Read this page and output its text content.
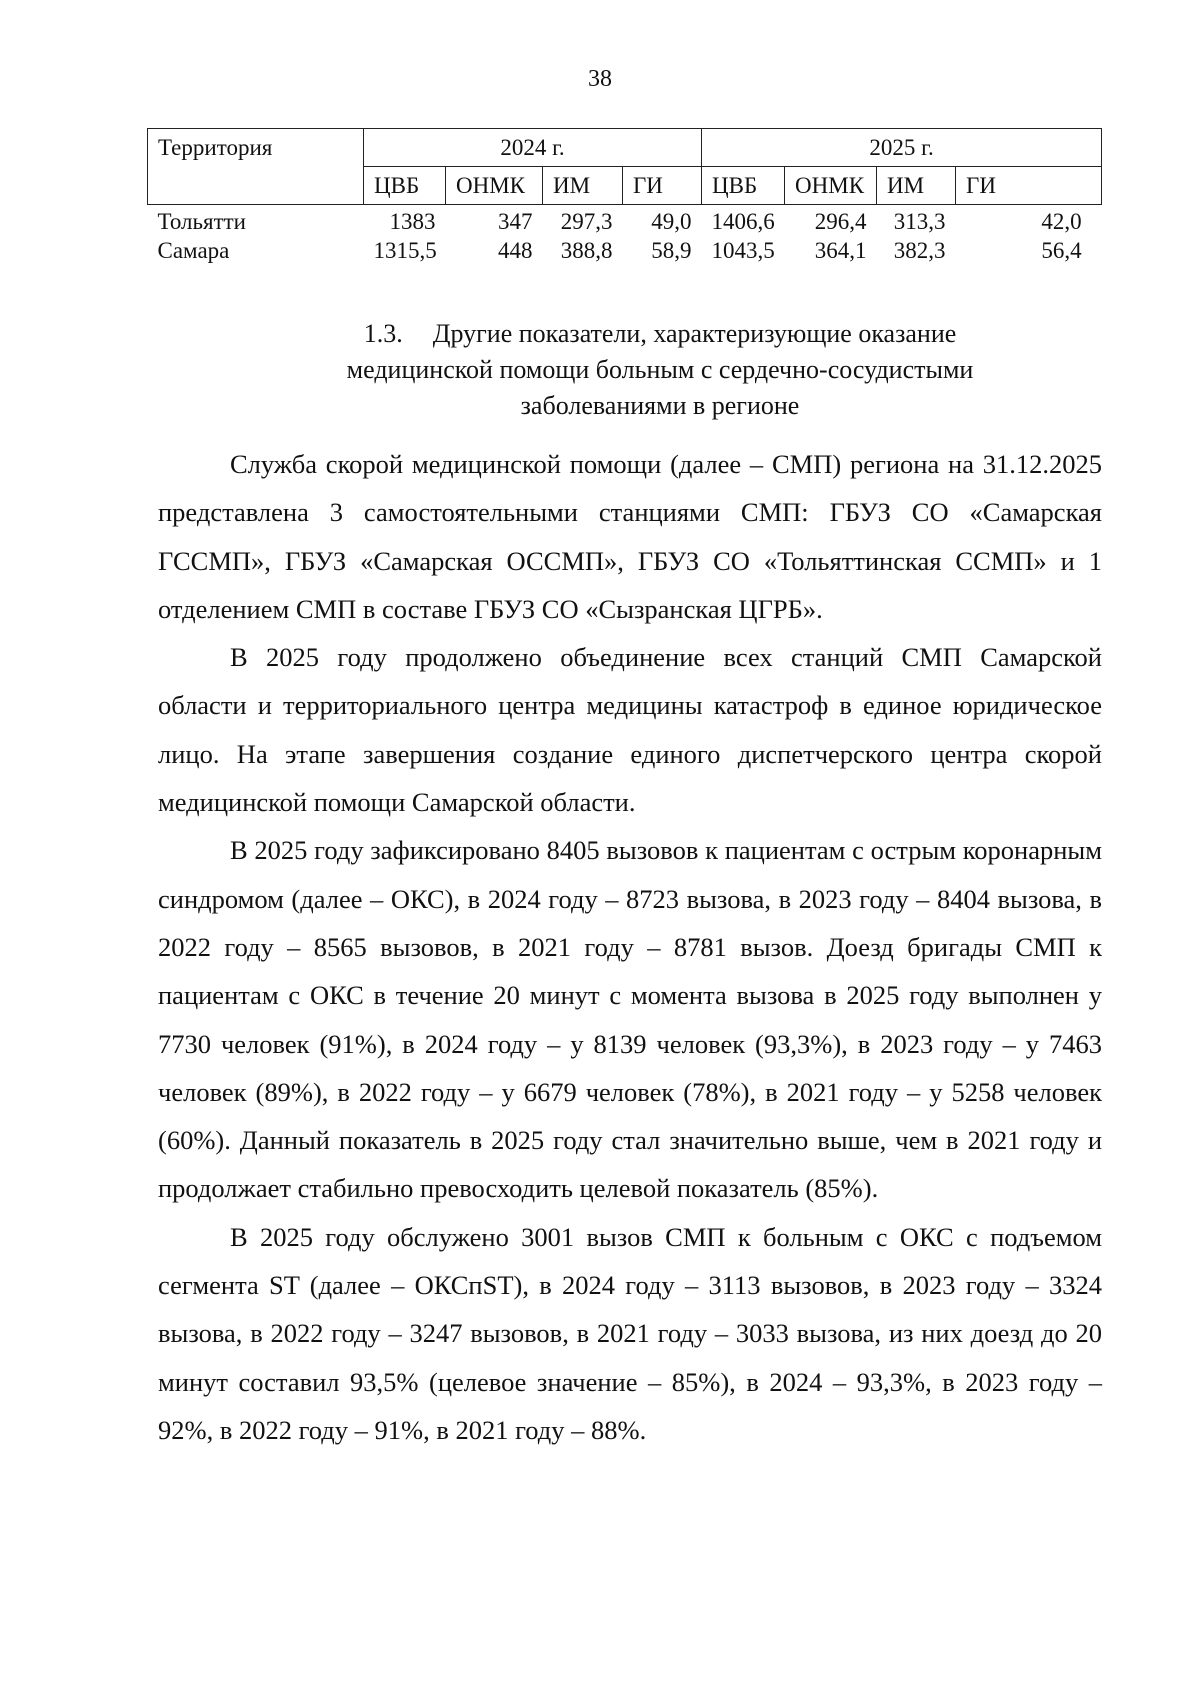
38
Территория	2024 г.				2025 г.			
	ЦВБ	ОНМК	ИМ	ГИ	ЦВБ	ОНМК	ИМ	ГИ
Тольятти	1383	347	297,3	49,0	1406,6	296,4	313,3	42,0
Самара	1315,5	448	388,8	58,9	1043,5	364,1	382,3	56,4
1.3. Другие показатели, характеризующие оказание медицинской помощи больным с сердечно-сосудистыми заболеваниями в регионе

Служба скорой медицинской помощи (далее – СМП) региона на 31.12.2025 представлена 3 самостоятельными станциями СМП: ГБУЗ СО «Самарская ГССМП», ГБУЗ «Самарская ОССМП», ГБУЗ СО «Тольяттинская ССМП» и 1 отделением СМП в составе ГБУЗ СО «Сызранская ЦГРБ».

В 2025 году продолжено объединение всех станций СМП Самарской области и территориального центра медицины катастроф в единое юридическое лицо. На этапе завершения создание единого диспетчерского центра скорой медицинской помощи Самарской области.

В 2025 году зафиксировано 8405 вызовов к пациентам с острым коронарным синдромом (далее – ОКС), в 2024 году – 8723 вызова, в 2023 году – 8404 вызова, в 2022 году – 8565 вызовов, в 2021 году – 8781 вызов. Доезд бригады СМП к пациентам с ОКС в течение 20 минут с момента вызова в 2025 году выполнен у 7730 человек (91%), в 2024 году – у 8139 человек (93,3%), в 2023 году – у 7463 человек (89%), в 2022 году – у 6679 человек (78%), в 2021 году – у 5258 человек (60%). Данный показатель в 2025 году стал значительно выше, чем в 2021 году и продолжает стабильно превосходить целевой показатель (85%).

В 2025 году обслужено 3001 вызов СМП к больным с ОКС с подъемом сегмента ST (далее – ОКСпST), в 2024 году – 3113 вызовов, в 2023 году – 3324 вызова, в 2022 году – 3247 вызовов, в 2021 году – 3033 вызова, из них доезд до 20 минут составил 93,5% (целевое значение – 85%), в 2024 – 93,3%, в 2023 году – 92%, в 2022 году – 91%, в 2021 году – 88%.
